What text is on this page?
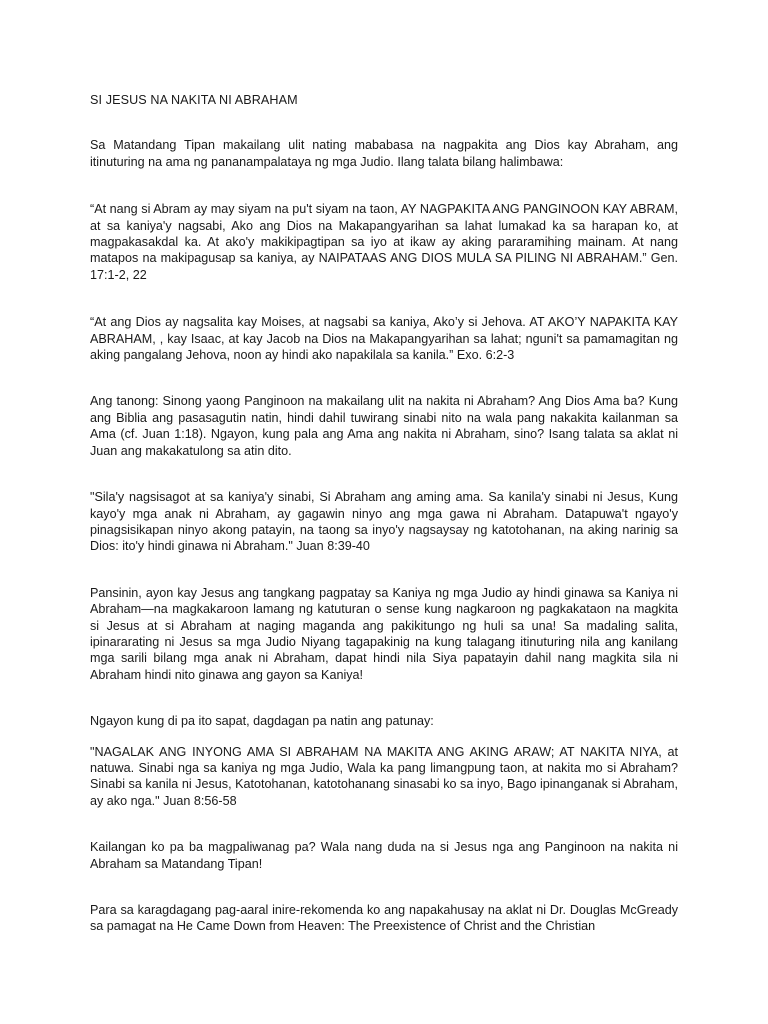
SI JESUS NA NAKITA NI ABRAHAM

Sa Matandang Tipan makailang ulit nating mababasa na nagpakita ang Dios kay Abraham, ang itinuturing na ama ng pananampalataya ng mga Judio. Ilang talata bilang halimbawa:

“At nang si Abram ay may siyam na pu't siyam na taon, AY NAGPAKITA ANG PANGINOON KAY ABRAM, at sa kaniya'y nagsabi, Ako ang Dios na Makapangyarihan sa lahat lumakad ka sa harapan ko, at magpakasakdal ka. At ako'y makikipagtipan sa iyo at ikaw ay aking pararamihing mainam. At nang matapos na makipagusap sa kaniya, ay NAIPATAAS ANG DIOS MULA SA PILING NI ABRAHAM.” Gen. 17:1-2, 22

“At ang Dios ay nagsalita kay Moises, at nagsabi sa kaniya, Ako’y si Jehova. AT AKO’Y NAPAKITA KAY ABRAHAM, , kay Isaac, at kay Jacob na Dios na Makapangyarihan sa lahat; nguni't sa pamamagitan ng aking pangalang Jehova, noon ay hindi ako napakilala sa kanila.” Exo. 6:2-3

Ang tanong: Sinong yaong Panginoon na makailang ulit na nakita ni Abraham? Ang Dios Ama ba? Kung ang Biblia ang pasasagutin natin, hindi dahil tuwirang sinabi nito na wala pang nakakita kailanman sa Ama (cf. Juan 1:18). Ngayon, kung pala ang Ama ang nakita ni Abraham, sino? Isang talata sa aklat ni Juan ang makakatulong sa atin dito.

"Sila'y nagsisagot at sa kaniya'y sinabi, Si Abraham ang aming ama. Sa kanila'y sinabi ni Jesus, Kung kayo'y mga anak ni Abraham, ay gagawin ninyo ang mga gawa ni Abraham. Datapuwa't ngayo'y pinagsisikapan ninyo akong patayin, na taong sa inyo'y nagsaysay ng katotohanan, na aking narinig sa Dios: ito'y hindi ginawa ni Abraham." Juan 8:39-40

Pansinin, ayon kay Jesus ang tangkang pagpatay sa Kaniya ng mga Judio ay hindi ginawa sa Kaniya ni Abraham—na magkakaroon lamang ng katuturan o sense kung nagkaroon ng pagkakataon na magkita si Jesus at si Abraham at naging maganda ang pakikitungo ng huli sa una! Sa madaling salita, ipinararating ni Jesus sa mga Judio Niyang tagapakinig na kung talagang itinuturing nila ang kanilang mga sarili bilang mga anak ni Abraham, dapat hindi nila Siya papatayin dahil nang magkita sila ni Abraham hindi nito ginawa ang gayon sa Kaniya!

Ngayon kung di pa ito sapat, dagdagan pa natin ang patunay:

"NAGALAK ANG INYONG AMA SI ABRAHAM NA MAKITA ANG AKING ARAW; AT NAKITA NIYA, at natuwa. Sinabi nga sa kaniya ng mga Judio, Wala ka pang limangpung taon, at nakita mo si Abraham? Sinabi sa kanila ni Jesus, Katotohanan, katotohanang sinasabi ko sa inyo, Bago ipinanganak si Abraham, ay ako nga." Juan 8:56-58

Kailangan ko pa ba magpaliwanag pa? Wala nang duda na si Jesus nga ang Panginoon na nakita ni Abraham sa Matandang Tipan!

Para sa karagdagang pag-aaral inire-rekomenda ko ang napakahusay na aklat ni Dr. Douglas McGready sa pamagat na He Came Down from Heaven: The Preexistence of Christ and the Christian
